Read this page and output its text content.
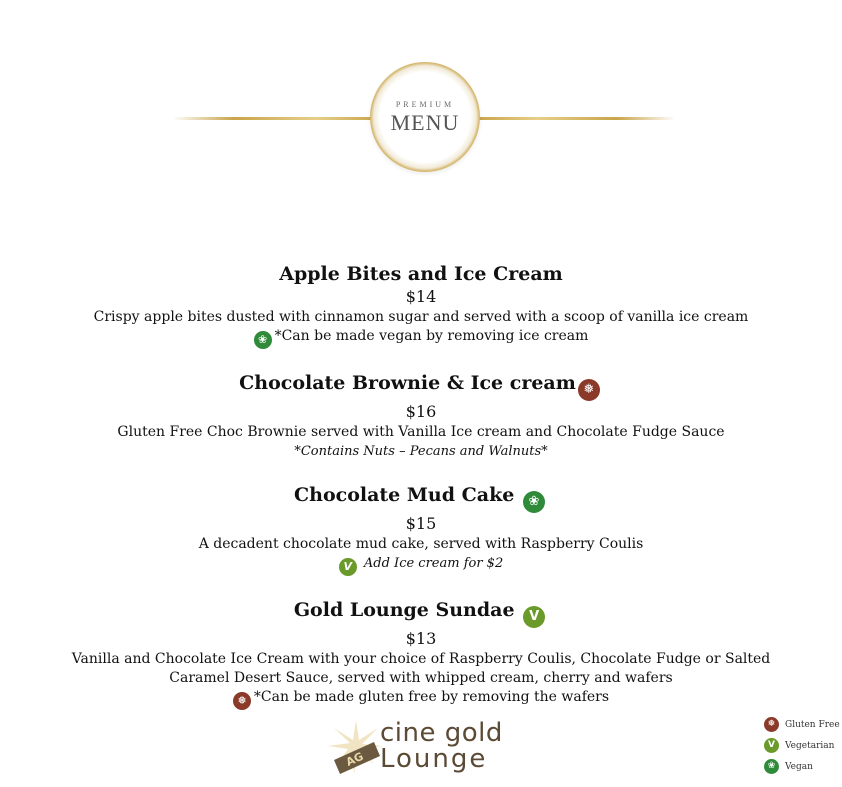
PREMIUM
MENU
Apple Bites and Ice Cream
$14
Crispy apple bites dusted with cinnamon sugar and served with a scoop of vanilla ice cream
❀ *Can be made vegan by removing ice cream
Chocolate Brownie & Ice cream ❅
$16
Gluten Free Choc Brownie served with Vanilla Ice cream and Chocolate Fudge Sauce
*Contains Nuts – Pecans and Walnuts*
Chocolate Mud Cake ❀
$15
A decadent chocolate mud cake, served with Raspberry Coulis
V Add Ice cream for $2
Gold Lounge Sundae V
$13
Vanilla and Chocolate Ice Cream with your choice of Raspberry Coulis, Chocolate Fudge or Salted Caramel Desert Sauce, served with whipped cream, cherry and wafers
❅ *Can be made gluten free by removing the wafers
AG
cine gold
Lounge
❅	Gluten Free
V	Vegetarian
❀	Vegan
